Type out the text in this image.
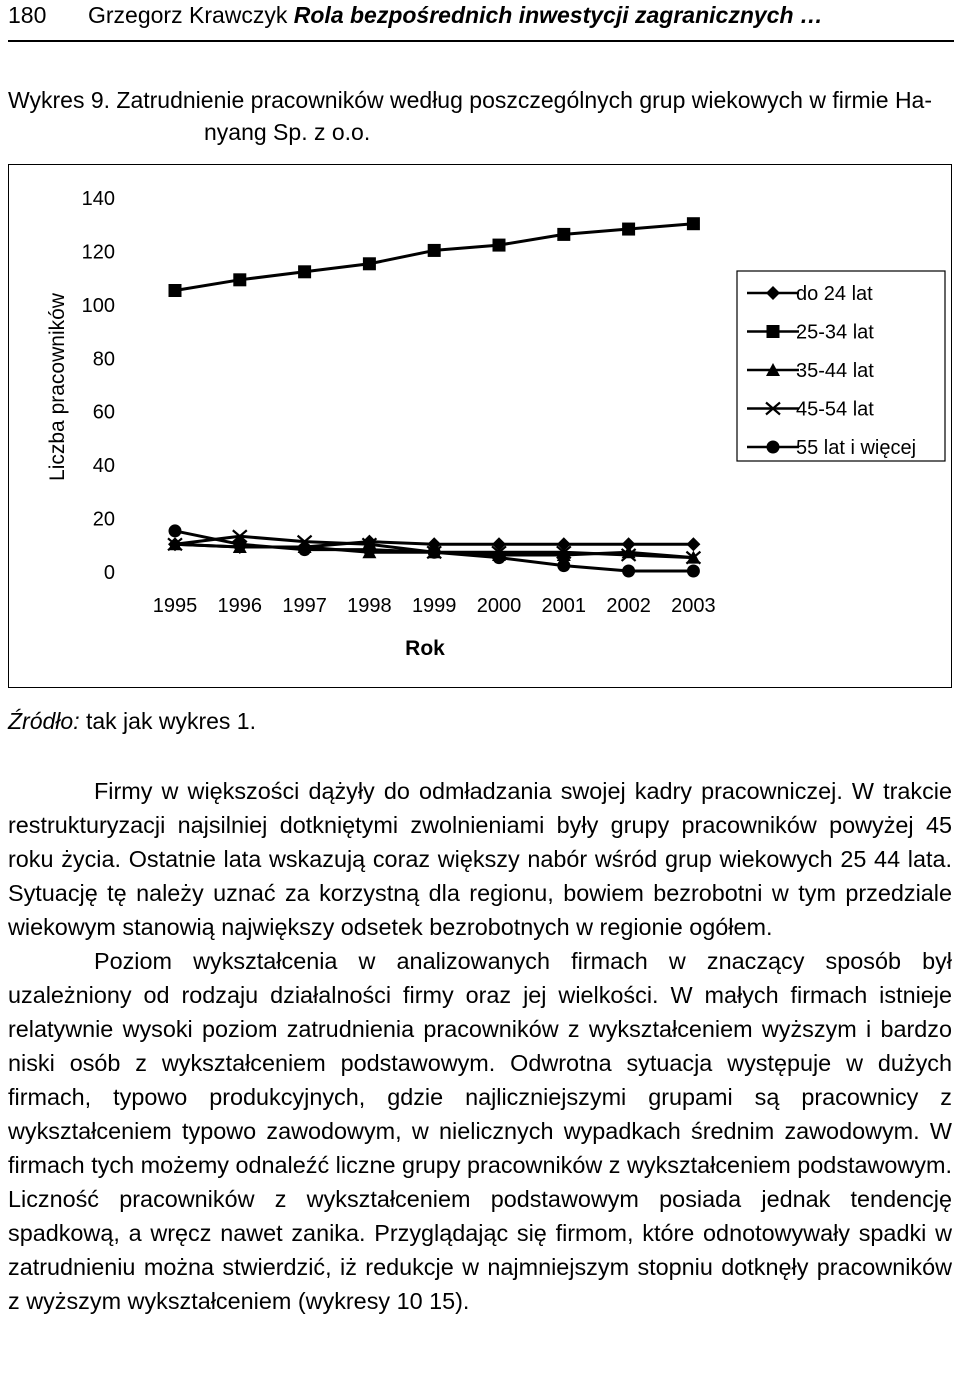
180 Grzegorz Krawczyk Rola bezpośrednich inwestycji zagranicznych …
Wykres 9. Zatrudnienie pracowników według poszczególnych grup wiekowych w firmie Ha-
nyang Sp. z o.o.
0
20
40
60
80
100
120
140
1995 1996 1997 1998 1999 2000 2001 2002 2003
Liczba pracowników
Rok
do 24 lat
25-34 lat
35-44 lat
45-54 lat
55 lat i więcej
Źródło: tak jak wykres 1.

Firmy w większości dążyły do odmładzania swojej kadry pracowniczej. W trakcie restrukturyzacji najsilniej dotkniętymi zwolnieniami były grupy pracowników powyżej 45 roku życia. Ostatnie lata wskazują coraz większy nabór wśród grup wiekowych 25 44 lata. Sytuację tę należy uznać za korzystną dla regionu, bowiem bezrobotni w tym przedziale wiekowym stanowią największy odsetek bezrobotnych w regionie ogółem.

Poziom wykształcenia w analizowanych firmach w znaczący sposób był uzależniony od rodzaju działalności firmy oraz jej wielkości. W małych firmach istnieje relatywnie wysoki poziom zatrudnienia pracowników z wykształceniem wyższym i bardzo niski osób z wykształceniem podstawowym. Odwrotna sytuacja występuje w dużych firmach, typowo produkcyjnych, gdzie najliczniejszymi grupami są pracownicy z wykształceniem typowo zawodowym, w nielicznych wypadkach średnim zawodowym. W firmach tych możemy odnaleźć liczne grupy pracowników z wykształceniem podstawowym. Liczność pracowników z wykształceniem podstawowym posiada jednak tendencję spadkową, a wręcz nawet zanika. Przyglądając się firmom, które odnotowywały spadki w zatrudnieniu można stwierdzić, iż redukcje w najmniejszym stopniu dotknęły pracowników z wyższym wykształceniem (wykresy 10 15).
